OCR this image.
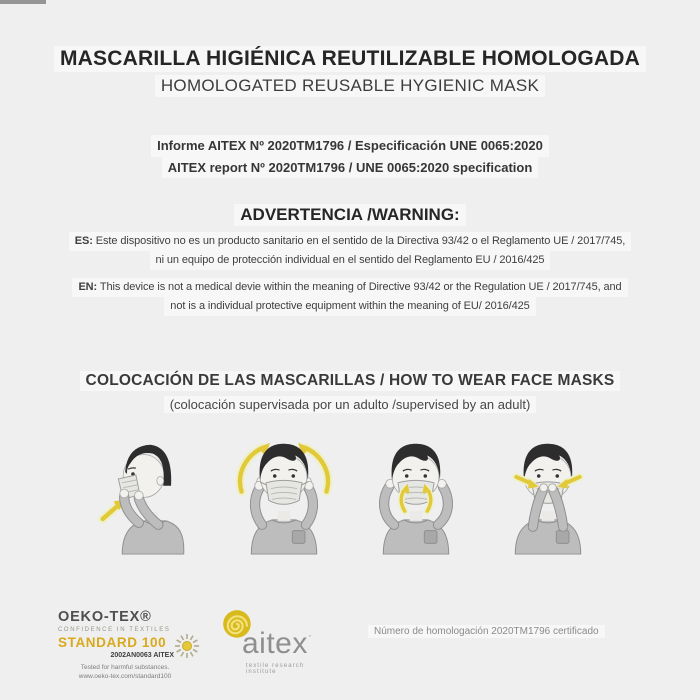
MASCARILLA HIGIÉNICA REUTILIZABLE HOMOLOGADA
HOMOLOGATED REUSABLE HYGIENIC MASK
Informe AITEX Nº 2020TM1796 / Especificación UNE 0065:2020
AITEX report Nº 2020TM1796 / UNE 0065:2020 specification
ADVERTENCIA /WARNING:
ES: Este dispositivo no es un producto sanitario en el sentido de la Directiva 93/42 o el Reglamento UE / 2017/745,
ni un equipo de protección individual en el sentido del Reglamento EU / 2016/425
EN: This device is not a medical devie within the meaning of Directive 93/42 or the Regulation UE / 2017/745, and
not is a individual protective equipment within the meaning of EU/ 2016/425
COLOCACIÓN DE LAS MASCARILLAS / HOW TO WEAR FACE MASKS
(colocación supervisada por un adulto /supervised by an adult)
OEKO-TEX®
CONFIDENCE IN TEXTILES
STANDARD 100
2002AN0063 AITEX
Tested for harmful substances.
www.oeko-tex.com/standard100
aitex·
textile research institute
Número de homologación 2020TM1796 certificado
